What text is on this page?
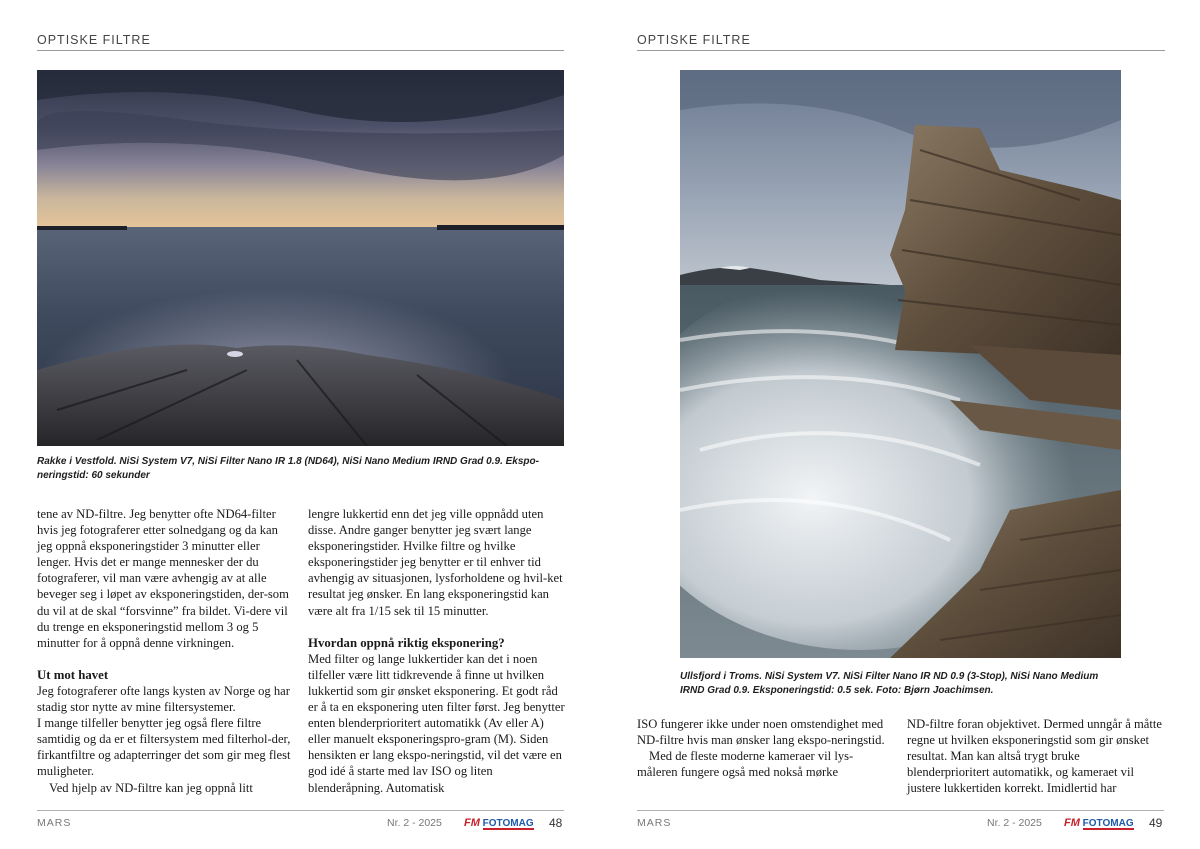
OPTISKE FILTRE
Rakke i Vestfold. NiSi System V7, NiSi Filter Nano IR 1.8 (ND64), NiSi Nano Medium IRND Grad 0.9. Ekspo-neringstid: 60 sekunder

tene av ND-filtre. Jeg benytter ofte ND64-filter hvis jeg fotograferer etter solnedgang og da kan jeg oppnå eksponeringstider 3 minutter eller lenger. Hvis det er mange mennesker der du fotograferer, vil man være avhengig av at alle beveger seg i løpet av eksponeringstiden, der-som du vil at de skal “forsvinne” fra bildet. Vi-dere vil du trenge en eksponeringstid mellom 3 og 5 minutter for å oppnå denne virkningen.

Ut mot havet

Jeg fotograferer ofte langs kysten av Norge og har stadig stor nytte av mine filtersystemer.

I mange tilfeller benytter jeg også flere filtre samtidig og da er et filtersystem med filterhol-der, firkantfiltre og adapterringer det som gir meg flest muligheter.

Ved hjelp av ND-filtre kan jeg oppnå litt

lengre lukkertid enn det jeg ville oppnådd uten disse. Andre ganger benytter jeg svært lange eksponeringstider. Hvilke filtre og hvilke eksponeringstider jeg benytter er til enhver tid avhengig av situasjonen, lysforholdene og hvil-ket resultat jeg ønsker. En lang eksponeringstid kan være alt fra 1/15 sek til 15 minutter.

Hvordan oppnå riktig eksponering?

Med filter og lange lukkertider kan det i noen tilfeller være litt tidkrevende å finne ut hvilken lukkertid som gir ønsket eksponering. Et godt råd er å ta en eksponering uten filter først. Jeg benytter enten blenderprioritert automatikk (Av eller A) eller manuelt eksponeringspro-gram (M). Siden hensikten er lang ekspo-neringstid, vil det være en god idé å starte med lav ISO og liten blenderåpning. Automatisk

MARS	Nr. 2 - 2025 FM FOTOMAG 48
OPTISKE FILTRE
Ullsfjord i Troms. NiSi System V7. NiSi Filter Nano IR ND 0.9 (3-Stop), NiSi Nano Medium
IRND Grad 0.9. Eksponeringstid: 0.5 sek. Foto: Bjørn Joachimsen.

ISO fungerer ikke under noen omstendighet med ND-filtre hvis man ønsker lang ekspo-neringstid.

Med de fleste moderne kameraer vil lys-måleren fungere også med nokså mørke

ND-filtre foran objektivet. Dermed unngår å måtte regne ut hvilken eksponeringstid som gir ønsket resultat. Man kan altså trygt bruke blenderprioritert automatikk, og kameraet vil justere lukkertiden korrekt. Imidlertid har

MARS	Nr. 2 - 2025 FM FOTOMAG 49
